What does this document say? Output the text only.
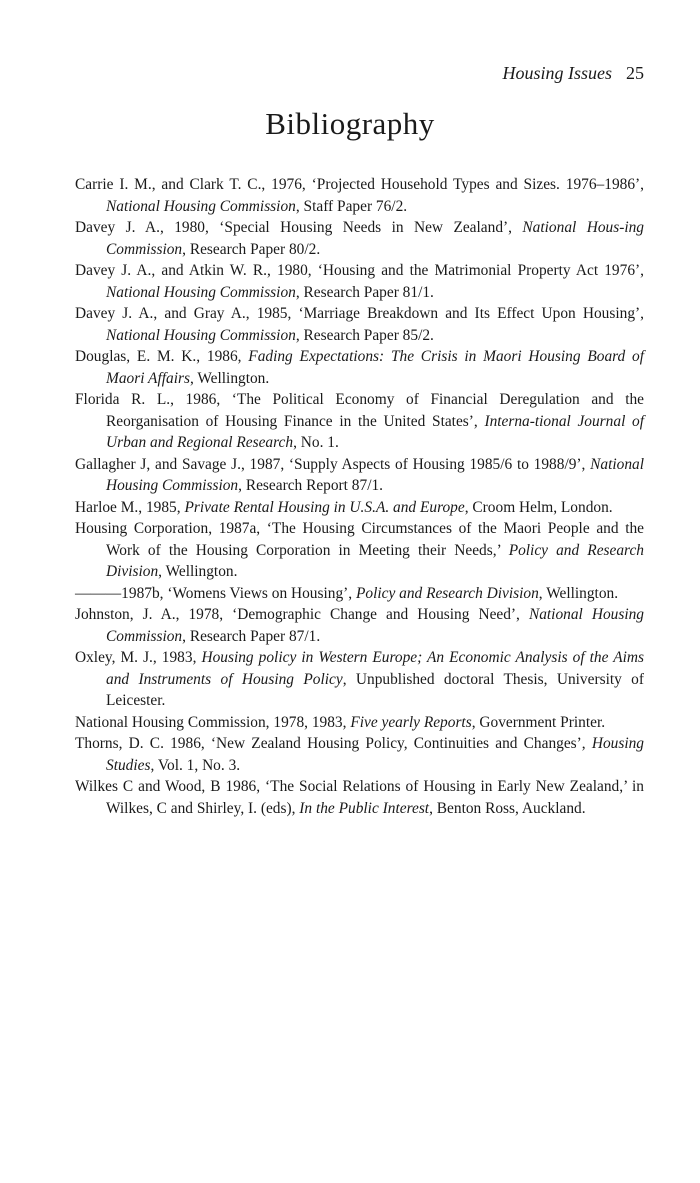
Housing Issues 25
Bibliography

Carrie I. M., and Clark T. C., 1976, ‘Projected Household Types and Sizes. 1976–1986’, National Housing Commission, Staff Paper 76/2.

Davey J. A., 1980, ‘Special Housing Needs in New Zealand’, National Hous-ing Commission, Research Paper 80/2.

Davey J. A., and Atkin W. R., 1980, ‘Housing and the Matrimonial Property Act 1976’, National Housing Commission, Research Paper 81/1.

Davey J. A., and Gray A., 1985, ‘Marriage Breakdown and Its Effect Upon Housing’, National Housing Commission, Research Paper 85/2.

Douglas, E. M. K., 1986, Fading Expectations: The Crisis in Maori Housing Board of Maori Affairs, Wellington.

Florida R. L., 1986, ‘The Political Economy of Financial Deregulation and the Reorganisation of Housing Finance in the United States’, Interna-tional Journal of Urban and Regional Research, No. 1.

Gallagher J, and Savage J., 1987, ‘Supply Aspects of Housing 1985/6 to 1988/9’, National Housing Commission, Research Report 87/1.

Harloe M., 1985, Private Rental Housing in U.S.A. and Europe, Croom Helm, London.

Housing Corporation, 1987a, ‘The Housing Circumstances of the Maori People and the Work of the Housing Corporation in Meeting their Needs,’ Policy and Research Division, Wellington.

———1987b, ‘Womens Views on Housing’, Policy and Research Division, Wellington.

Johnston, J. A., 1978, ‘Demographic Change and Housing Need’, National Housing Commission, Research Paper 87/1.

Oxley, M. J., 1983, Housing policy in Western Europe; An Economic Analysis of the Aims and Instruments of Housing Policy, Unpublished doctoral Thesis, University of Leicester.

National Housing Commission, 1978, 1983, Five yearly Reports, Government Printer.

Thorns, D. C. 1986, ‘New Zealand Housing Policy, Continuities and Changes’, Housing Studies, Vol. 1, No. 3.

Wilkes C and Wood, B 1986, ‘The Social Relations of Housing in Early New Zealand,’ in Wilkes, C and Shirley, I. (eds), In the Public Interest, Benton Ross, Auckland.
